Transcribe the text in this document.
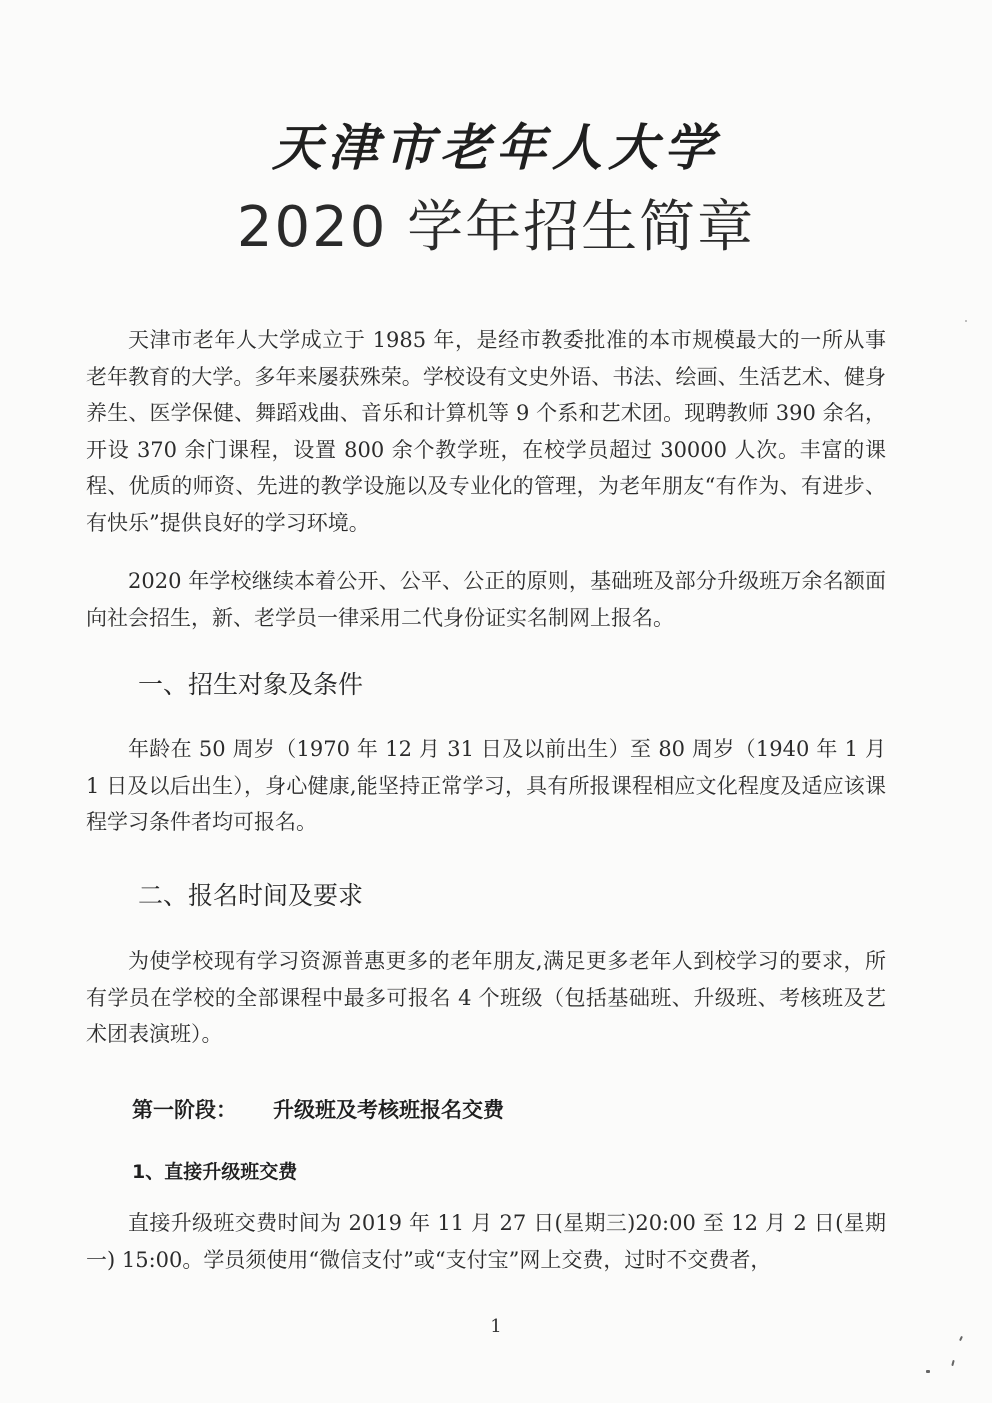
天津市老年人大学
2020 学年招生简章

天津市老年人大学成立于 1985 年，是经市教委批准的本市规模最大的一所从事老年教育的大学。多年来屡获殊荣。学校设有文史外语、书法、绘画、生活艺术、健身养生、医学保健、舞蹈戏曲、音乐和计算机等 9 个系和艺术团。现聘教师 390 余名， 开设 370 余门课程，设置 800 余个教学班，在校学员超过 30000 人次。丰富的课程、优质的师资、先进的教学设施以及专业化的管理，为老年朋友“有作为、有进步、有快乐”提供良好的学习环境。

2020 年学校继续本着公开、公平、公正的原则，基础班及部分升级班万余名额面向社会招生，新、老学员一律采用二代身份证实名制网上报名。

一、招生对象及条件

年龄在 50 周岁（1970 年 12 月 31 日及以前出生）至 80 周岁（1940 年 1 月 1 日及以后出生），身心健康,能坚持正常学习，具有所报课程相应文化程度及适应该课程学习条件者均可报名。

二、报名时间及要求

为使学校现有学习资源普惠更多的老年朋友,满足更多老年人到校学习的要求，所有学员在学校的全部课程中最多可报名 4 个班级（包括基础班、升级班、考核班及艺术团表演班）。

第一阶段： 升级班及考核班报名交费
1、直接升级班交费

直接升级班交费时间为 2019 年 11 月 27 日(星期三)20:00 至 12 月 2 日(星期一) 15:00。学员须使用“微信支付”或“支付宝”网上交费，过时不交费者，

1
